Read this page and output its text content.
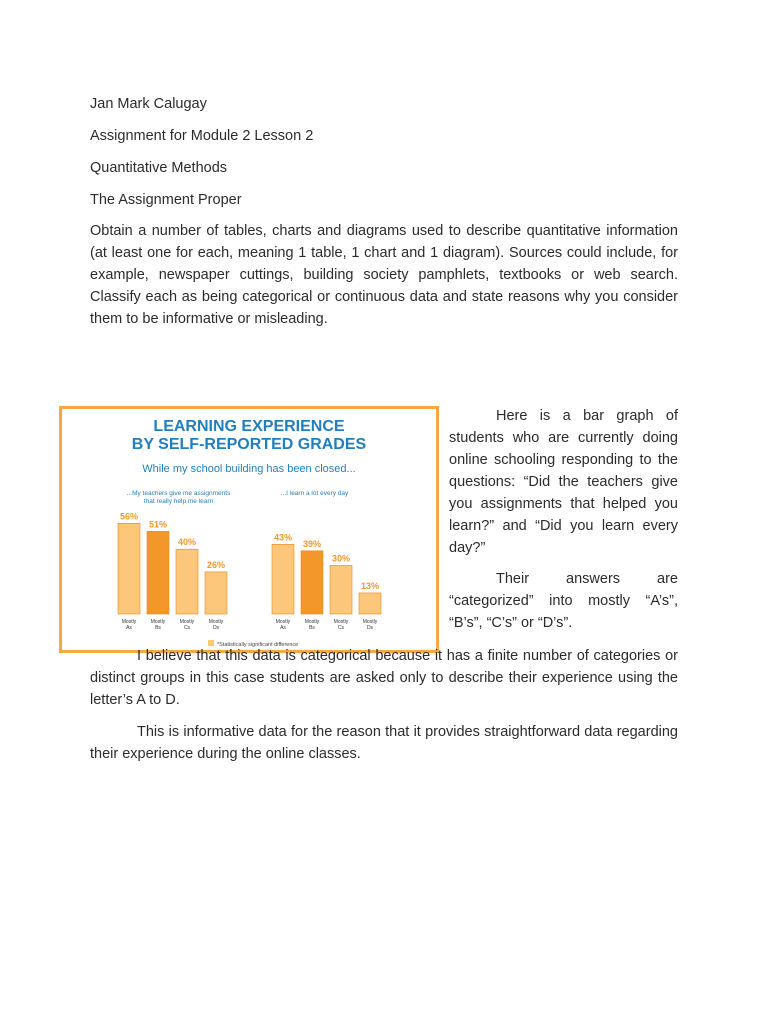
Jan Mark Calugay

Assignment for Module 2 Lesson 2

Quantitative Methods

The Assignment Proper

Obtain a number of tables, charts and diagrams used to describe quantitative information (at least one for each, meaning 1 table, 1 chart and 1 diagram). Sources could include, for example, newspaper cuttings, building society pamphlets, textbooks or web search. Classify each as being categorical or continuous data and state reasons why you consider them to be informative or misleading.

LEARNING EXPERIENCE
BY SELF-REPORTED GRADES
While my school building has been closed...
...My teachers give me assignments
that really help me learn
56%
Mostly
As
51%
Mostly
Bs
40%
Mostly
Cs
26%
Mostly
Ds
...I learn a lot every day
43%
Mostly
As
39%
Mostly
Bs
30%
Mostly
Cs
13%
Mostly
Ds
*Statistically significant difference

Here is a bar graph of students who are currently doing online schooling responding to the questions: “Did the teachers give you assignments that helped you learn?” and “Did you learn every day?”

Their answers are “categorized” into mostly “A’s”, “B’s”, “C’s” or “D’s”.

I believe that this data is categorical because it has a finite number of categories or distinct groups in this case students are asked only to describe their experience using the letter’s A to D.

This is informative data for the reason that it provides straightforward data regarding their experience during the online classes.
